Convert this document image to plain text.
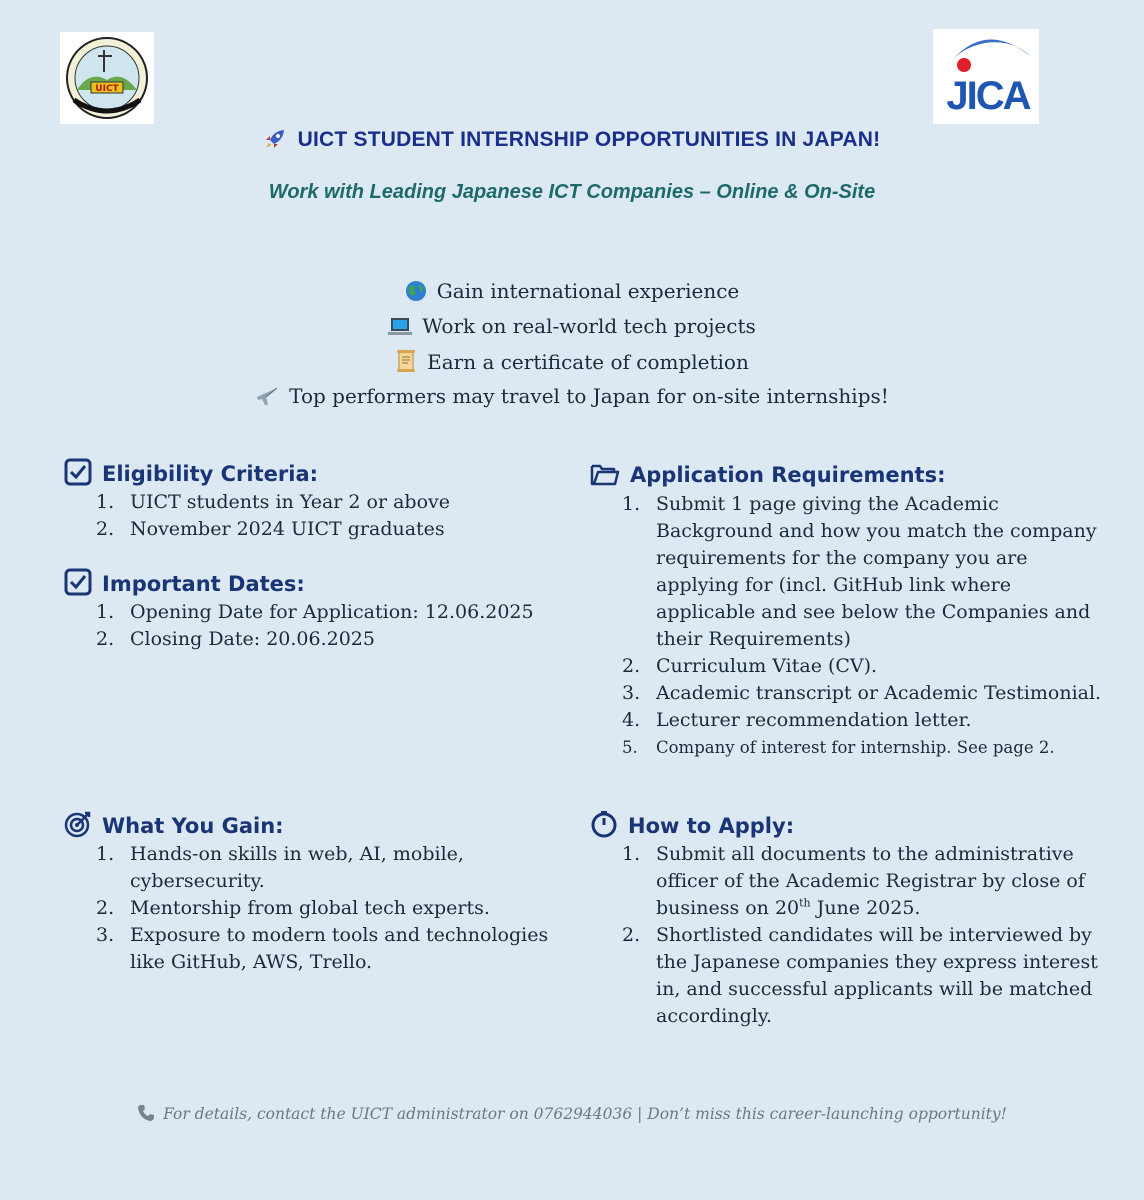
UICT	JICA
UICT STUDENT INTERNSHIP OPPORTUNITIES IN JAPAN!
Work with Leading Japanese ICT Companies – Online & On-Site
Gain international experience
Work on real-world tech projects
Earn a certificate of completion
Top performers may travel to Japan for on-site internships!
Eligibility Criteria:
1. UICT students in Year 2 or above
2. November 2024 UICT graduates
Important Dates:
1. Opening Date for Application: 12.06.2025
2. Closing Date: 20.06.2025
Application Requirements:
1. Submit 1 page giving the Academic Background and how you match the company requirements for the company you are applying for (incl. GitHub link where applicable and see below the Companies and their Requirements)
2. Curriculum Vitae (CV).
3. Academic transcript or Academic Testimonial.
4. Lecturer recommendation letter.
5. Company of interest for internship. See page 2.
What You Gain:
1. Hands-on skills in web, AI, mobile, cybersecurity.
2. Mentorship from global tech experts.
3. Exposure to modern tools and technologies like GitHub, AWS, Trello.
How to Apply:
1. Submit all documents to the administrative officer of the Academic Registrar by close of business on 20th June 2025.
2. Shortlisted candidates will be interviewed by the Japanese companies they express interest in, and successful applicants will be matched accordingly.
For details, contact the UICT administrator on 0762944036 | Don’t miss this career-launching opportunity!
